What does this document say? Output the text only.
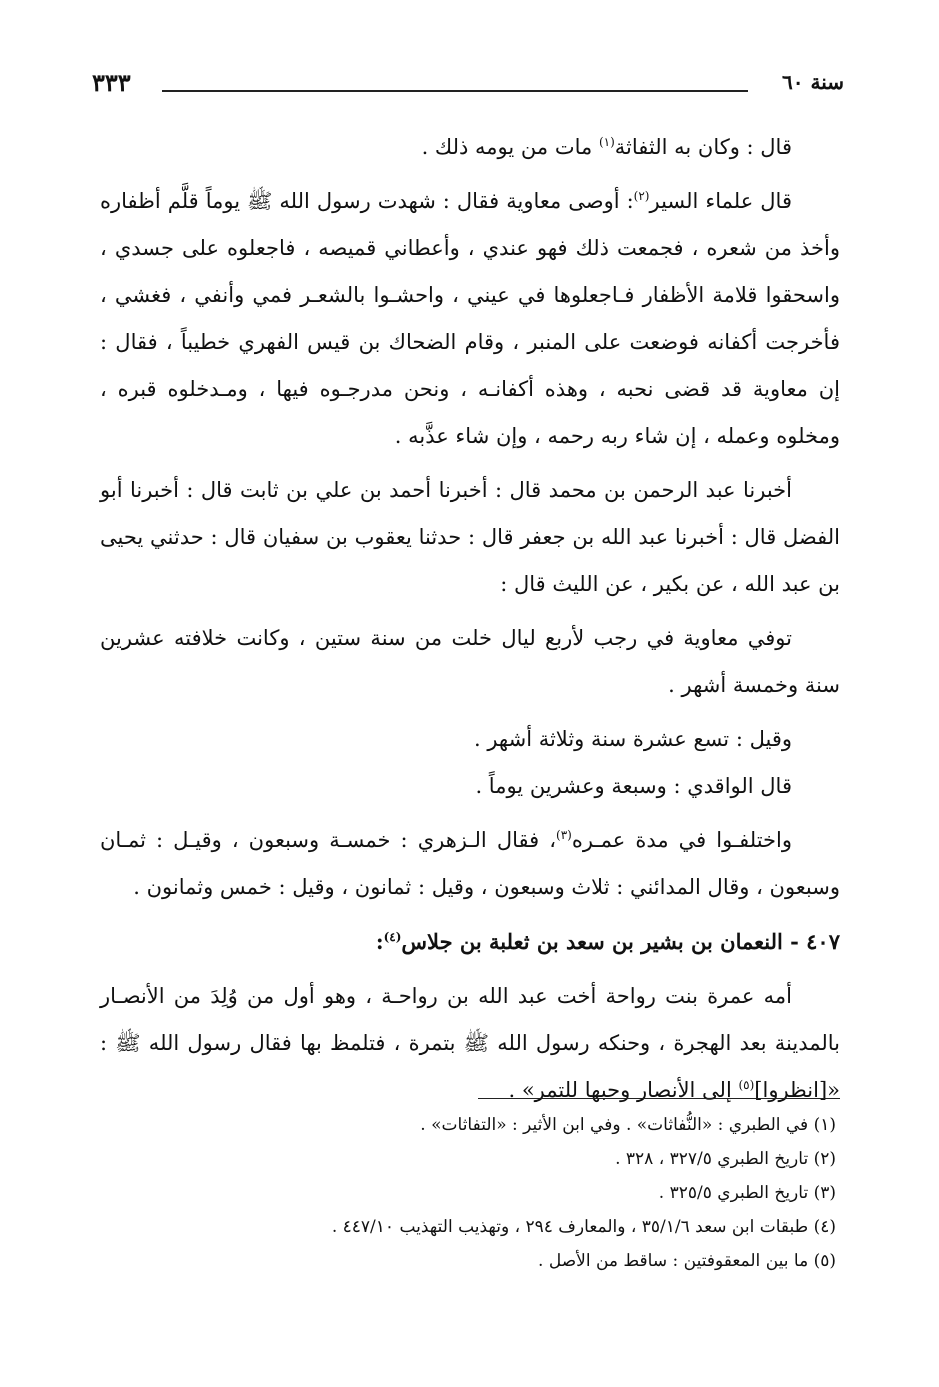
سنة ٦٠
٣٣٣

قال : وكان به الثفاثة$^{(١)}$ مات من يومه ذلك .

قال علماء السير$^{(٢)}$: أوصى معاوية فقال : شهدت رسول الله ﷺ يوماً قلَّم أظفاره وأخذ من شعره ، فجمعت ذلك فهو عندي ، وأعطاني قميصه ، فاجعلوه على جسدي ، واسحقوا قلامة الأظفار فـاجعلوها في عيني ، واحشـوا بالشعـر فمي وأنفي ، فغشي ، فأخرجت أكفانه فوضعت على المنبر ، وقام الضحاك بن قيس الفهري خطيباً ، فقال : إن معاوية قد قضى نحبه ، وهذه أكفانـه ، ونحن مدرجـوه فيها ، ومـدخلوه قبره ، ومخلوه وعمله ، إن شاء ربه رحمه ، وإن شاء عذَّبه .

أخبرنا عبد الرحمن بن محمد قال : أخبرنا أحمد بن علي بن ثابت قال : أخبرنا أبو الفضل قال : أخبرنا عبد الله بن جعفر قال : حدثنا يعقوب بن سفيان قال : حدثني يحيى بن عبد الله ، عن بكير ، عن الليث قال :

توفي معاوية في رجب لأربع ليال خلت من سنة ستين ، وكانت خلافته عشرين سنة وخمسة أشهر .

وقيل : تسع عشرة سنة وثلاثة أشهر .

قال الواقدي : وسبعة وعشرين يوماً .

واختلفـوا في مدة عمـره$^{(٣)}$، فقال الـزهري : خمسـة وسبعون ، وقيـل : ثمـان وسبعون ، وقال المدائني : ثلاث وسبعون ، وقيل : ثمانون ، وقيل : خمس وثمانون .

٤٠٧ - النعمان بن بشير بن سعد بن ثعلبة بن جلاس$^{(٤)}$:

أمه عمرة بنت رواحة أخت عبد الله بن رواحـة ، وهو أول من وُلِدَ من الأنصـار بالمدينة بعد الهجرة ، وحنكه رسول الله ﷺ بتمرة ، فتلمظ بها فقال رسول الله ﷺ : «[انظروا]$^{(٥)}$ إلى الأنصار وحبها للتمر» .

(١) في الطبري : «النُّفاثات» . وفي ابن الأثير : «التفاثات» .

(٢) تاريخ الطبري ٣٢٧/٥ ، ٣٢٨ .

(٣) تاريخ الطبري ٣٢٥/٥ .

(٤) طبقات ابن سعد ٣٥/١/٦ ، والمعارف ٢٩٤ ، وتهذيب التهذيب ٤٤٧/١٠ .

(٥) ما بين المعقوفتين : ساقط من الأصل .
